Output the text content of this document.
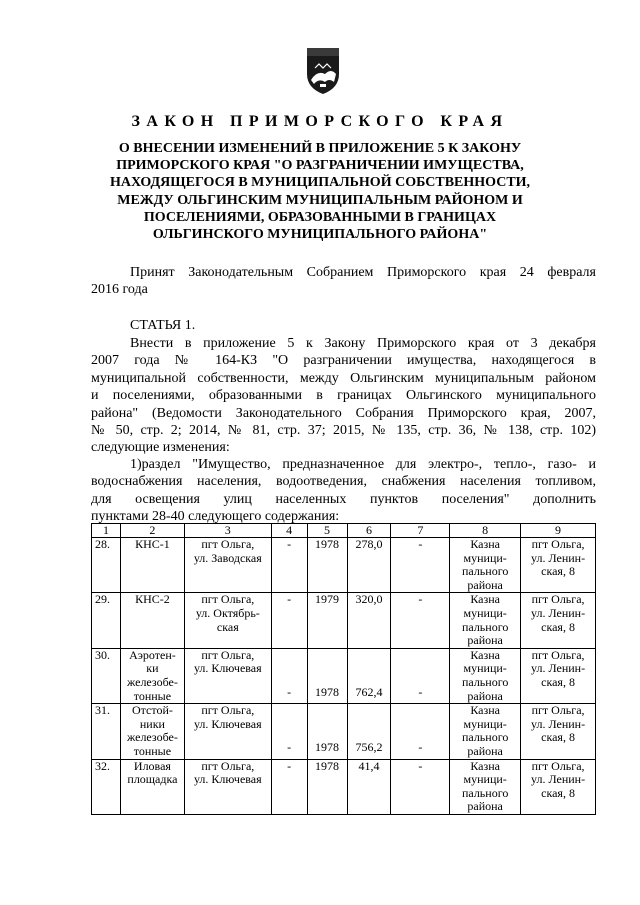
ЗАКОН ПРИМОРСКОГО КРАЯ
О ВНЕСЕНИИ ИЗМЕНЕНИЙ В ПРИЛОЖЕНИЕ 5 К ЗАКОНУ
ПРИМОРСКОГО КРАЯ "О РАЗГРАНИЧЕНИИ ИМУЩЕСТВА,
НАХОДЯЩЕГОСЯ В МУНИЦИПАЛЬНОЙ СОБСТВЕННОСТИ,
МЕЖДУ ОЛЬГИНСКИМ МУНИЦИПАЛЬНЫМ РАЙОНОМ И
ПОСЕЛЕНИЯМИ, ОБРАЗОВАННЫМИ В ГРАНИЦАХ
ОЛЬГИНСКОГО МУНИЦИПАЛЬНОГО РАЙОНА"
Принят Законодательным Собранием Приморского края 24 февраля
2016 года
СТАТЬЯ 1.
Внести в приложение 5 к Закону Приморского края от 3 декабря
2007 года № 164-КЗ "О разграничении имущества, находящегося в
муниципальной собственности, между Ольгинским муниципальным районом
и поселениями, образованными в границах Ольгинского муниципального
района" (Ведомости Законодательного Собрания Приморского края, 2007,
№ 50, стр. 2; 2014, № 81, стр. 37; 2015, № 135, стр. 36, № 138, стр. 102)
следующие изменения:
1)раздел "Имущество, предназначенное для электро-, тепло-, газо- и
водоснабжения населения, водоотведения, снабжения населения топливом,
для освещения улиц населенных пунктов поселения" дополнить
пунктами 28-40 следующего содержания:
1	2	3	4	5	6	7	8	9
28.	КНС-1	пгт Ольга,
ул. Заводская	-	1978	278,0	-	Казна
муници-
пального
района	пгт Ольга,
ул. Ленин-
ская, 8
29.	КНС-2	пгт Ольга,
ул. Октябрь-
ская	-	1979	320,0	-	Казна
муници-
пального
района	пгт Ольга,
ул. Ленин-
ская, 8
30.	Аэротен-
ки
железобе-
тонные	пгт Ольга,
ул. Ключевая	-	1978	762,4	-	Казна
муници-
пального
района	пгт Ольга,
ул. Ленин-
ская, 8
31.	Отстой-
ники
железобе-
тонные	пгт Ольга,
ул. Ключевая	-	1978	756,2	-	Казна
муници-
пального
района	пгт Ольга,
ул. Ленин-
ская, 8
32.	Иловая
площадка	пгт Ольга,
ул. Ключевая	-	1978	41,4	-	Казна
муници-
пального
района	пгт Ольга,
ул. Ленин-
ская, 8
